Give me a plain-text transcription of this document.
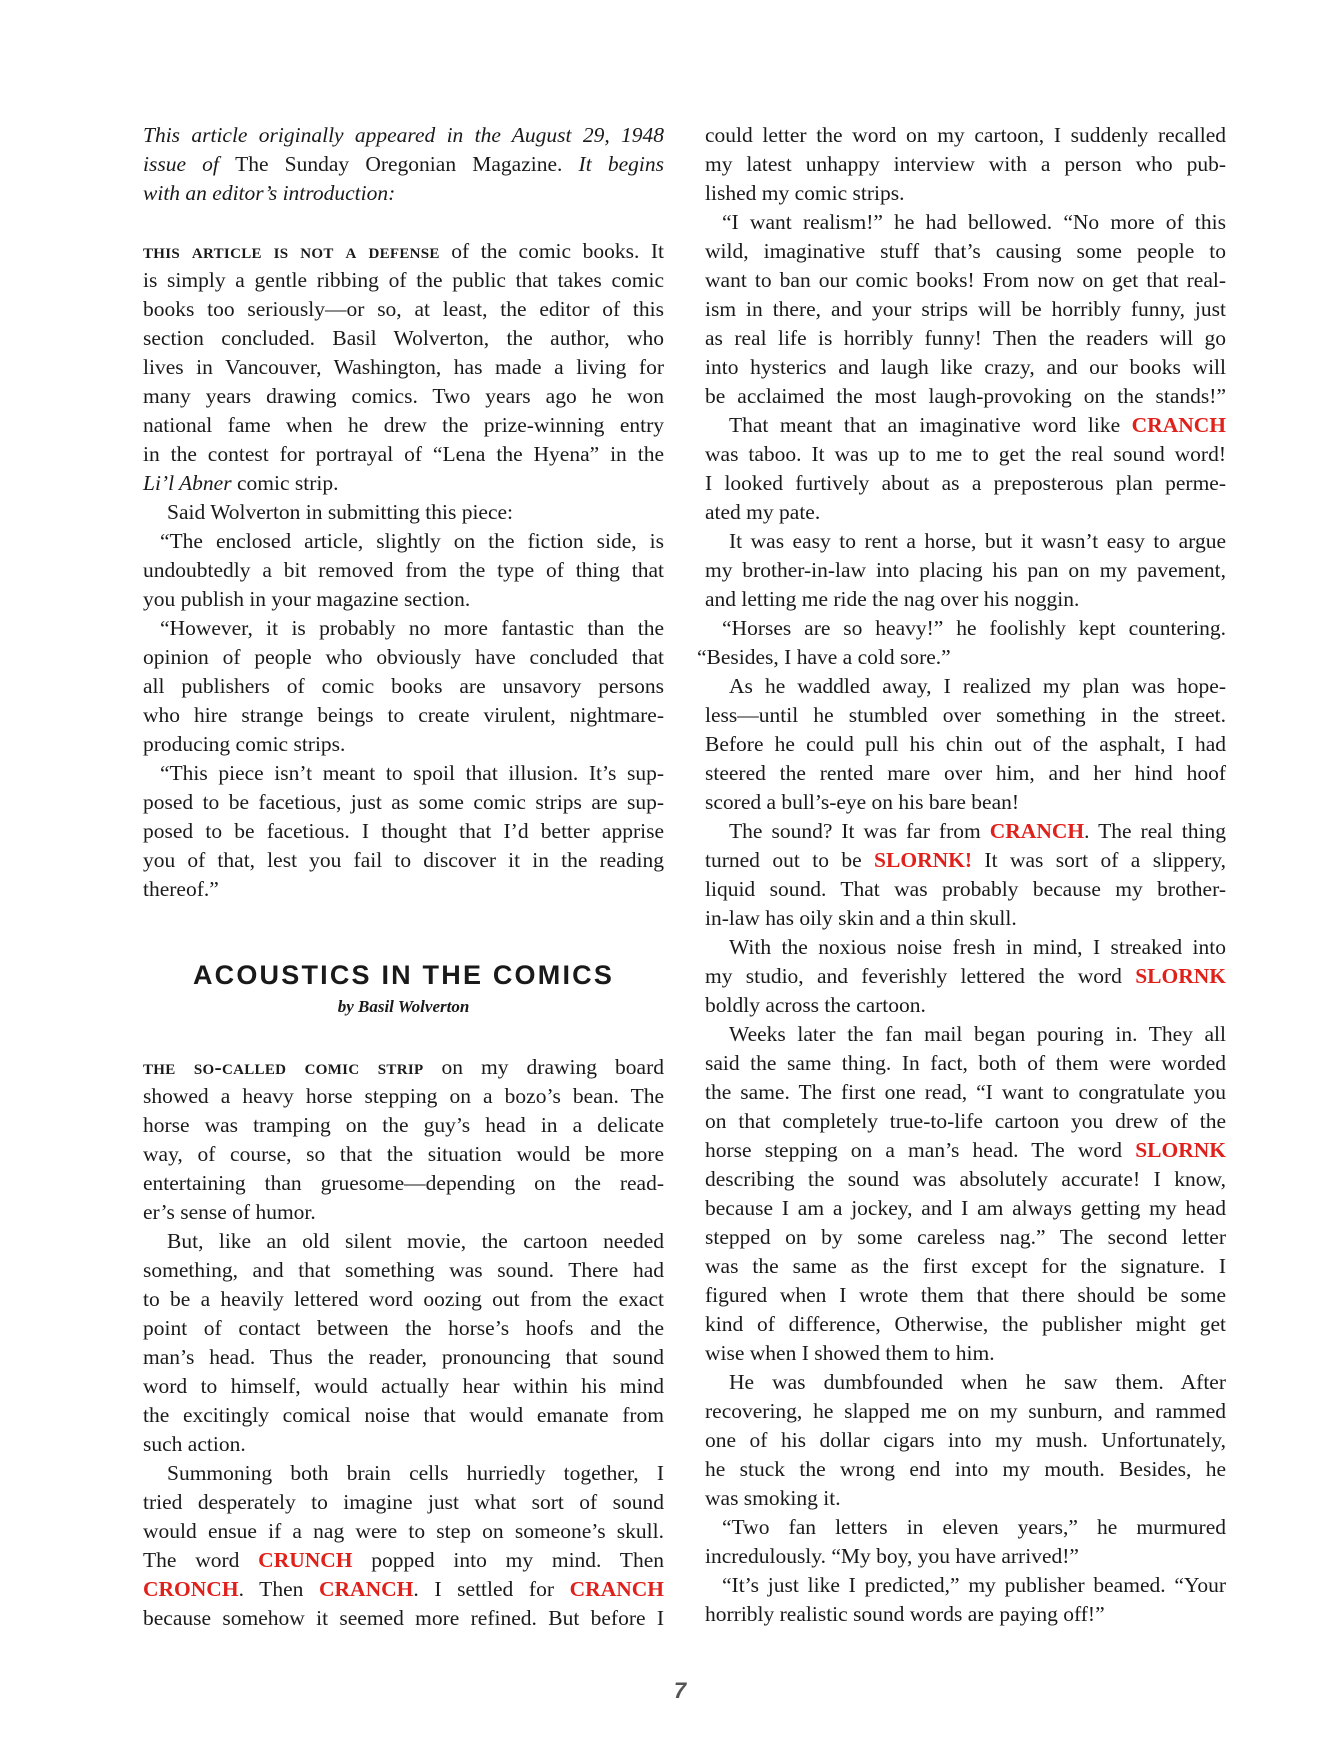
This article originally appeared in the August 29, 1948
issue of The Sunday Oregonian Magazine. It begins
with an editor’s introduction:
this article is not a defense of the comic books. It
is simply a gentle ribbing of the public that takes comic
books too seriously—or so, at least, the editor of this
section concluded. Basil Wolverton, the author, who
lives in Vancouver, Washington, has made a living for
many years drawing comics. Two years ago he won
national fame when he drew the prize-winning entry
in the contest for portrayal of “Lena the Hyena” in the
Li’l Abner comic strip.
Said Wolverton in submitting this piece:
“The enclosed article, slightly on the fiction side, is
undoubtedly a bit removed from the type of thing that
you publish in your magazine section.
“However, it is probably no more fantastic than the
opinion of people who obviously have concluded that
all publishers of comic books are unsavory persons
who hire strange beings to create virulent, nightmare-
producing comic strips.
“This piece isn’t meant to spoil that illusion. It’s sup-
posed to be facetious, just as some comic strips are sup-
posed to be facetious. I thought that I’d better apprise
you of that, lest you fail to discover it in the reading
thereof.”
ACOUSTICS IN THE COMICS
by Basil Wolverton
the so-called comic strip on my drawing board
showed a heavy horse stepping on a bozo’s bean. The
horse was tramping on the guy’s head in a delicate
way, of course, so that the situation would be more
entertaining than gruesome—depending on the read-
er’s sense of humor.
But, like an old silent movie, the cartoon needed
something, and that something was sound. There had
to be a heavily lettered word oozing out from the exact
point of contact between the horse’s hoofs and the
man’s head. Thus the reader, pronouncing that sound
word to himself, would actually hear within his mind
the excitingly comical noise that would emanate from
such action.
Summoning both brain cells hurriedly together, I
tried desperately to imagine just what sort of sound
would ensue if a nag were to step on someone’s skull.
The word CRUNCH popped into my mind. Then
CRONCH. Then CRANCH. I settled for CRANCH
because somehow it seemed more refined. But before I
could letter the word on my cartoon, I suddenly recalled
my latest unhappy interview with a person who pub-
lished my comic strips.
“I want realism!” he had bellowed. “No more of this
wild, imaginative stuff that’s causing some people to
want to ban our comic books! From now on get that real-
ism in there, and your strips will be horribly funny, just
as real life is horribly funny! Then the readers will go
into hysterics and laugh like crazy, and our books will
be acclaimed the most laugh-provoking on the stands!”
That meant that an imaginative word like CRANCH
was taboo. It was up to me to get the real sound word!
I looked furtively about as a preposterous plan perme-
ated my pate.
It was easy to rent a horse, but it wasn’t easy to argue
my brother-in-law into placing his pan on my pavement,
and letting me ride the nag over his noggin.
“Horses are so heavy!” he foolishly kept countering.
“Besides, I have a cold sore.”
As he waddled away, I realized my plan was hope-
less—until he stumbled over something in the street.
Before he could pull his chin out of the asphalt, I had
steered the rented mare over him, and her hind hoof
scored a bull’s-eye on his bare bean!
The sound? It was far from CRANCH. The real thing
turned out to be SLORNK! It was sort of a slippery,
liquid sound. That was probably because my brother-
in-law has oily skin and a thin skull.
With the noxious noise fresh in mind, I streaked into
my studio, and feverishly lettered the word SLORNK
boldly across the cartoon.
Weeks later the fan mail began pouring in. They all
said the same thing. In fact, both of them were worded
the same. The first one read, “I want to congratulate you
on that completely true-to-life cartoon you drew of the
horse stepping on a man’s head. The word SLORNK
describing the sound was absolutely accurate! I know,
because I am a jockey, and I am always getting my head
stepped on by some careless nag.” The second letter
was the same as the first except for the signature. I
figured when I wrote them that there should be some
kind of difference, Otherwise, the publisher might get
wise when I showed them to him.
He was dumbfounded when he saw them. After
recovering, he slapped me on my sunburn, and rammed
one of his dollar cigars into my mush. Unfortunately,
he stuck the wrong end into my mouth. Besides, he
was smoking it.
“Two fan letters in eleven years,” he murmured
incredulously. “My boy, you have arrived!”
“It’s just like I predicted,” my publisher beamed. “Your
horribly realistic sound words are paying off!”
7
